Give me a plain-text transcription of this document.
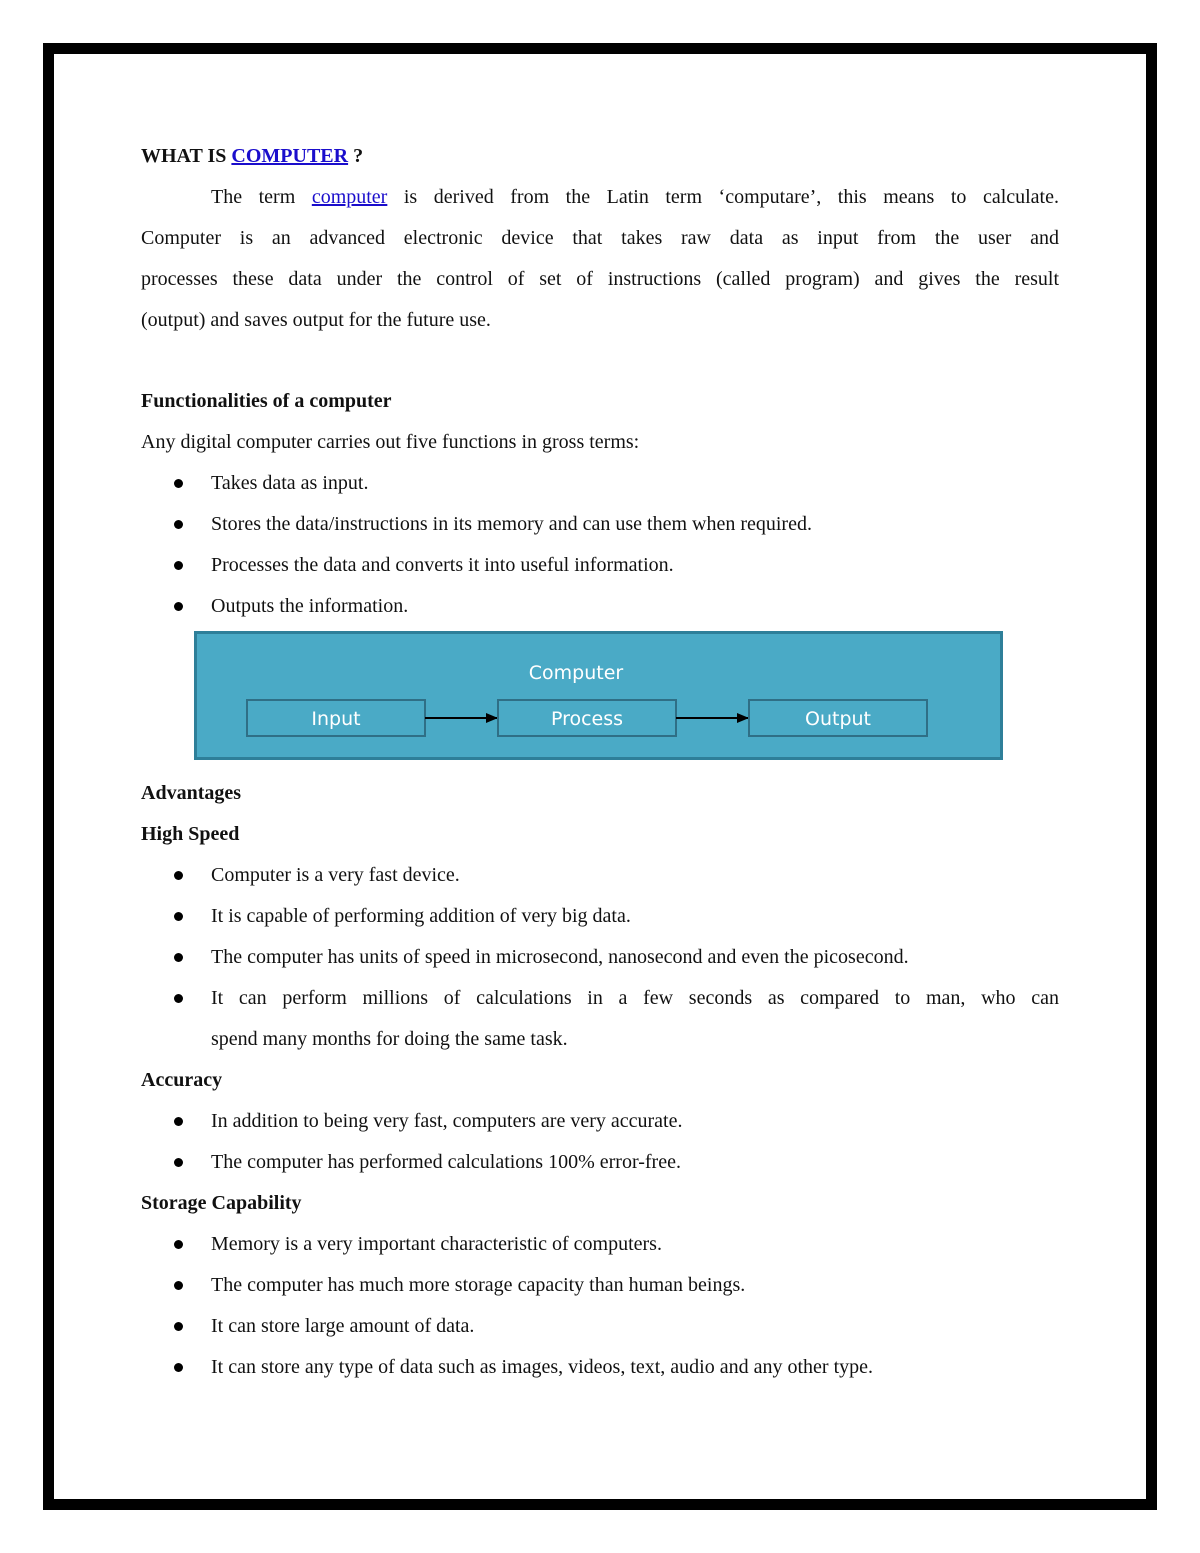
WHAT IS COMPUTER ?
The term computer is derived from the Latin term ‘computare’, this means to calculate.
Computer is an advanced electronic device that takes raw data as input from the user and
processes these data under the control of set of instructions (called program) and gives the result
(output) and saves output for the future use.
Functionalities of a computer
Any digital computer carries out five functions in gross terms:
Takes data as input.
Stores the data/instructions in its memory and can use them when required.
Processes the data and converts it into useful information.
Outputs the information.
Computer
Input	Process	Output
Advantages
High Speed
Computer is a very fast device.
It is capable of performing addition of very big data.
The computer has units of speed in microsecond, nanosecond and even the picosecond.
It can perform millions of calculations in a few seconds as compared to man, who can
spend many months for doing the same task.
Accuracy
In addition to being very fast, computers are very accurate.
The computer has performed calculations 100% error-free.
Storage Capability
Memory is a very important characteristic of computers.
The computer has much more storage capacity than human beings.
It can store large amount of data.
It can store any type of data such as images, videos, text, audio and any other type.
